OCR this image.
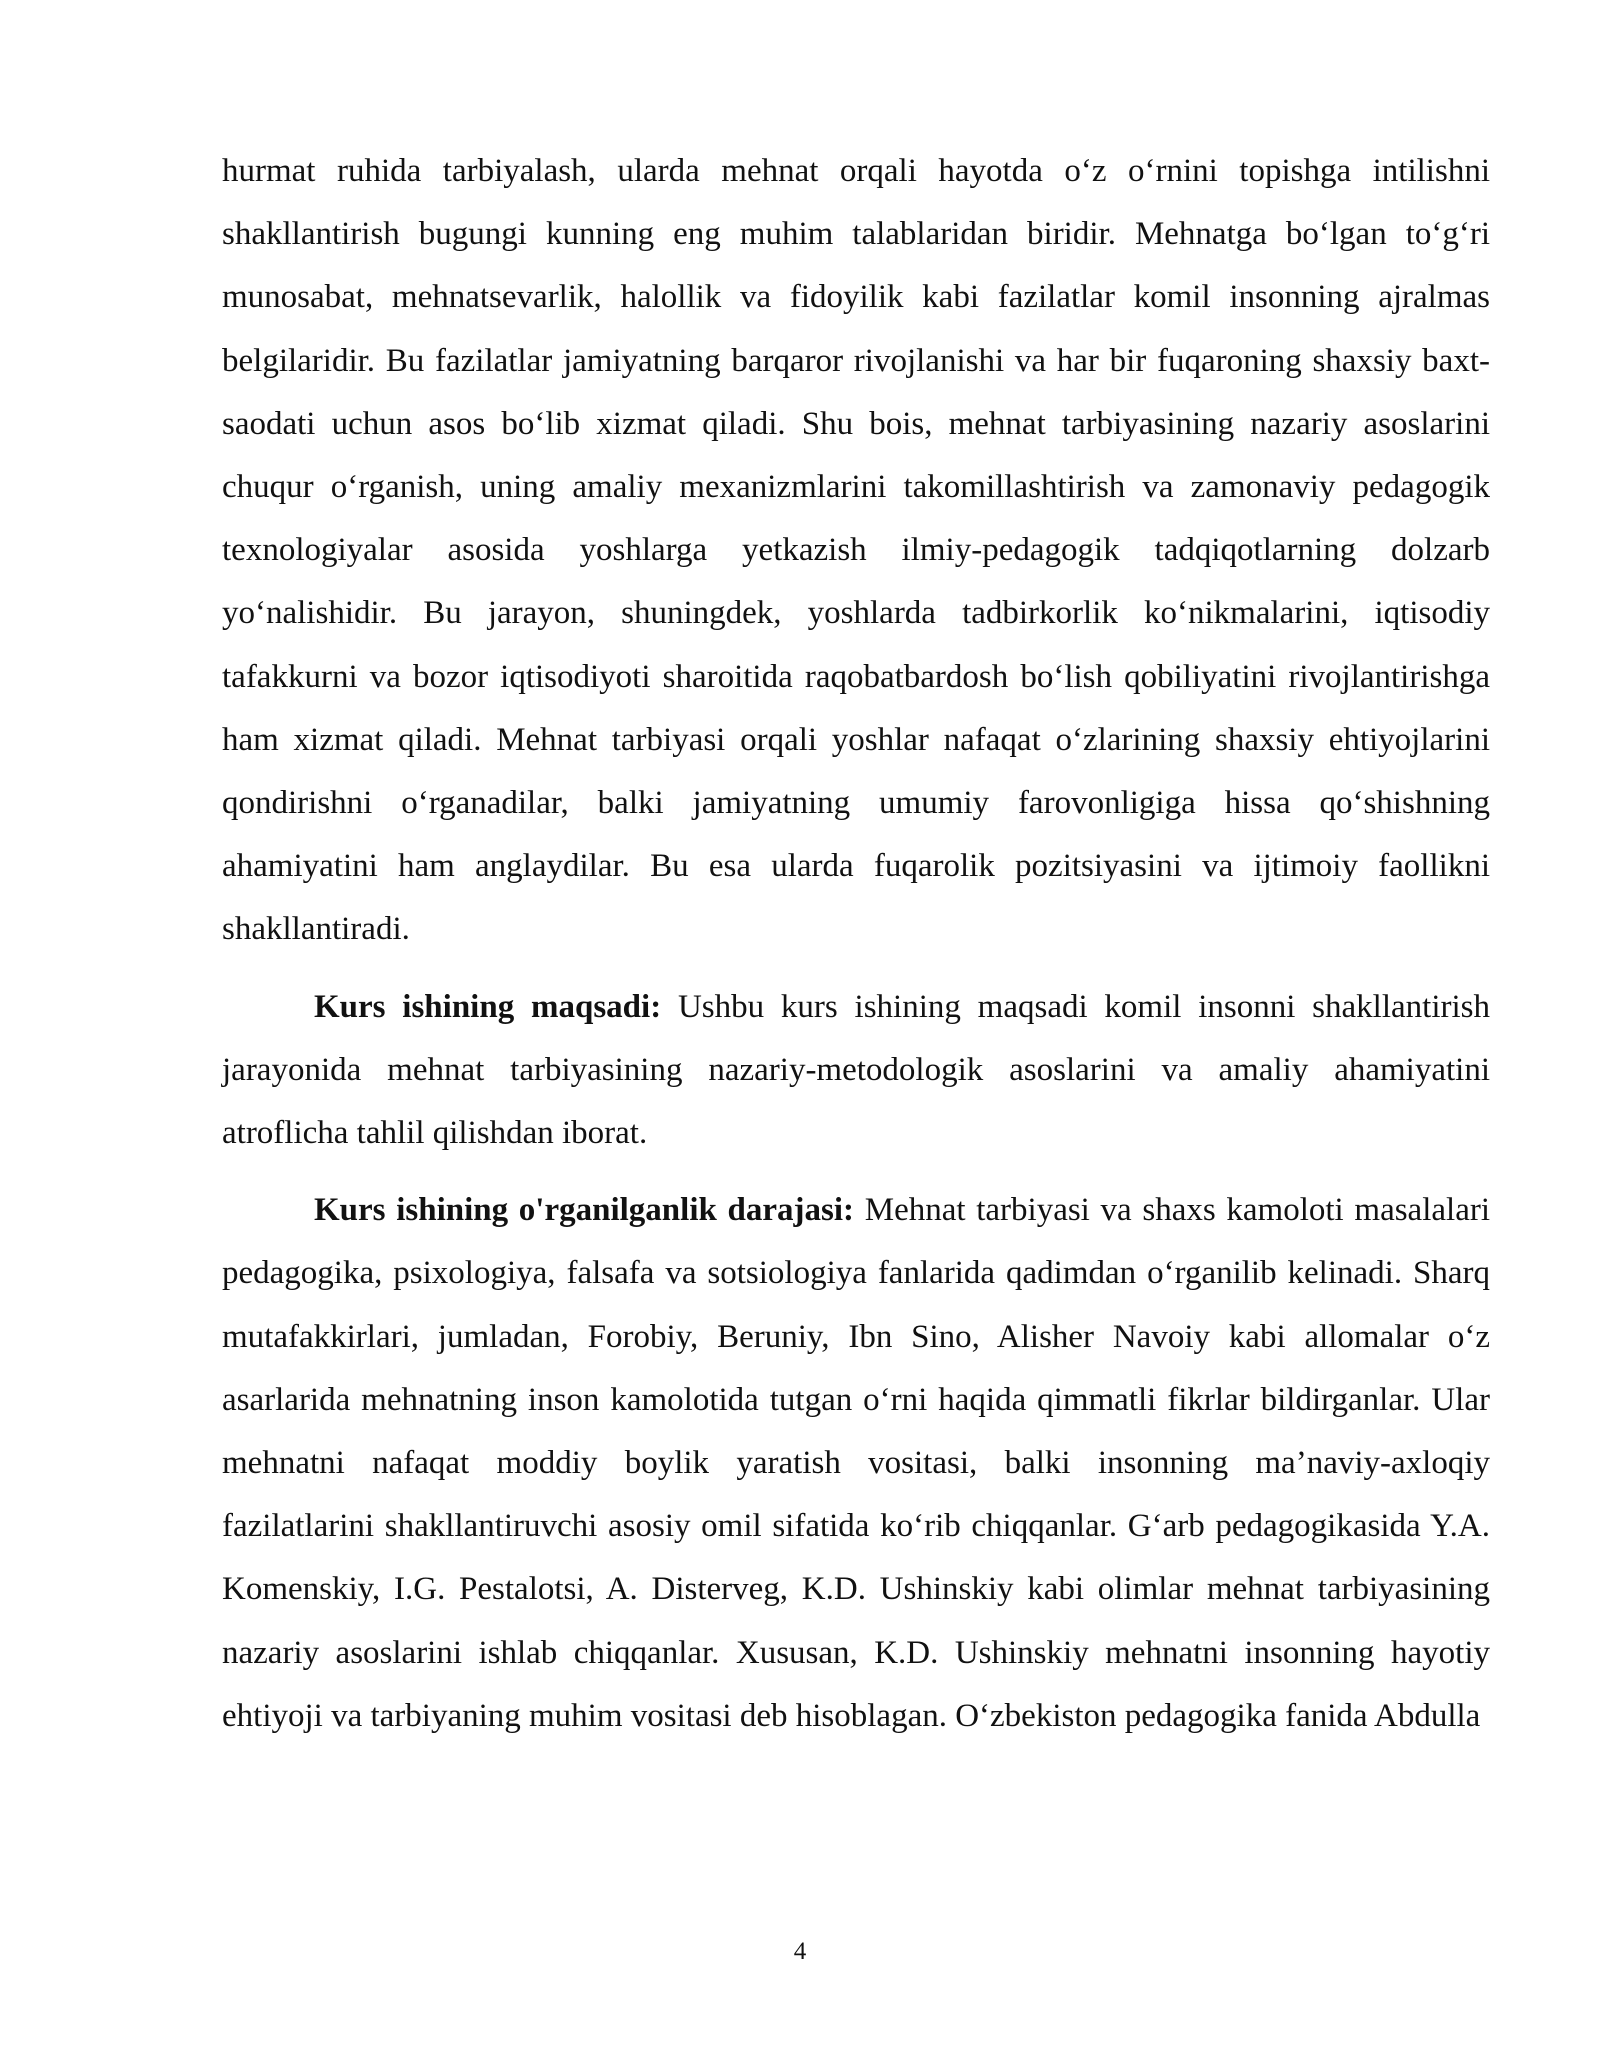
hurmat ruhida tarbiyalash, ularda mehnat orqali hayotda o‘z o‘rnini topishga intilishni shakllantirish bugungi kunning eng muhim talablaridan biridir. Mehnatga bo‘lgan to‘g‘ri munosabat, mehnatsevarlik, halollik va fidoyilik kabi fazilatlar komil insonning ajralmas belgilaridir. Bu fazilatlar jamiyatning barqaror rivojlanishi va har bir fuqaroning shaxsiy baxt-saodati uchun asos bo‘lib xizmat qiladi. Shu bois, mehnat tarbiyasining nazariy asoslarini chuqur o‘rganish, uning amaliy mexanizmlarini takomillashtirish va zamonaviy pedagogik texnologiyalar asosida yoshlarga yetkazish ilmiy-pedagogik tadqiqotlarning dolzarb yo‘nalishidir. Bu jarayon, shuningdek, yoshlarda tadbirkorlik ko‘nikmalarini, iqtisodiy tafakkurni va bozor iqtisodiyoti sharoitida raqobatbardosh bo‘lish qobiliyatini rivojlantirishga ham xizmat qiladi. Mehnat tarbiyasi orqali yoshlar nafaqat o‘zlarining shaxsiy ehtiyojlarini qondirishni o‘rganadilar, balki jamiyatning umumiy farovonligiga hissa qo‘shishning ahamiyatini ham anglaydilar. Bu esa ularda fuqarolik pozitsiyasini va ijtimoiy faollikni shakllantiradi.

Kurs ishining maqsadi: Ushbu kurs ishining maqsadi komil insonni shakllantirish jarayonida mehnat tarbiyasining nazariy-metodologik asoslarini va amaliy ahamiyatini atroflicha tahlil qilishdan iborat.

Kurs ishining o'rganilganlik darajasi: Mehnat tarbiyasi va shaxs kamoloti masalalari pedagogika, psixologiya, falsafa va sotsiologiya fanlarida qadimdan o‘rganilib kelinadi. Sharq mutafakkirlari, jumladan, Forobiy, Beruniy, Ibn Sino, Alisher Navoiy kabi allomalar o‘z asarlarida mehnatning inson kamolotida tutgan o‘rni haqida qimmatli fikrlar bildirganlar. Ular mehnatni nafaqat moddiy boylik yaratish vositasi, balki insonning ma’naviy-axloqiy fazilatlarini shakllantiruvchi asosiy omil sifatida ko‘rib chiqqanlar. G‘arb pedagogikasida Y.A. Komenskiy, I.G. Pestalotsi, A. Disterveg, K.D. Ushinskiy kabi olimlar mehnat tarbiyasining nazariy asoslarini ishlab chiqqanlar. Xususan, K.D. Ushinskiy mehnatni insonning hayotiy ehtiyoji va tarbiyaning muhim vositasi deb hisoblagan. O‘zbekiston pedagogika fanida Abdulla

4
